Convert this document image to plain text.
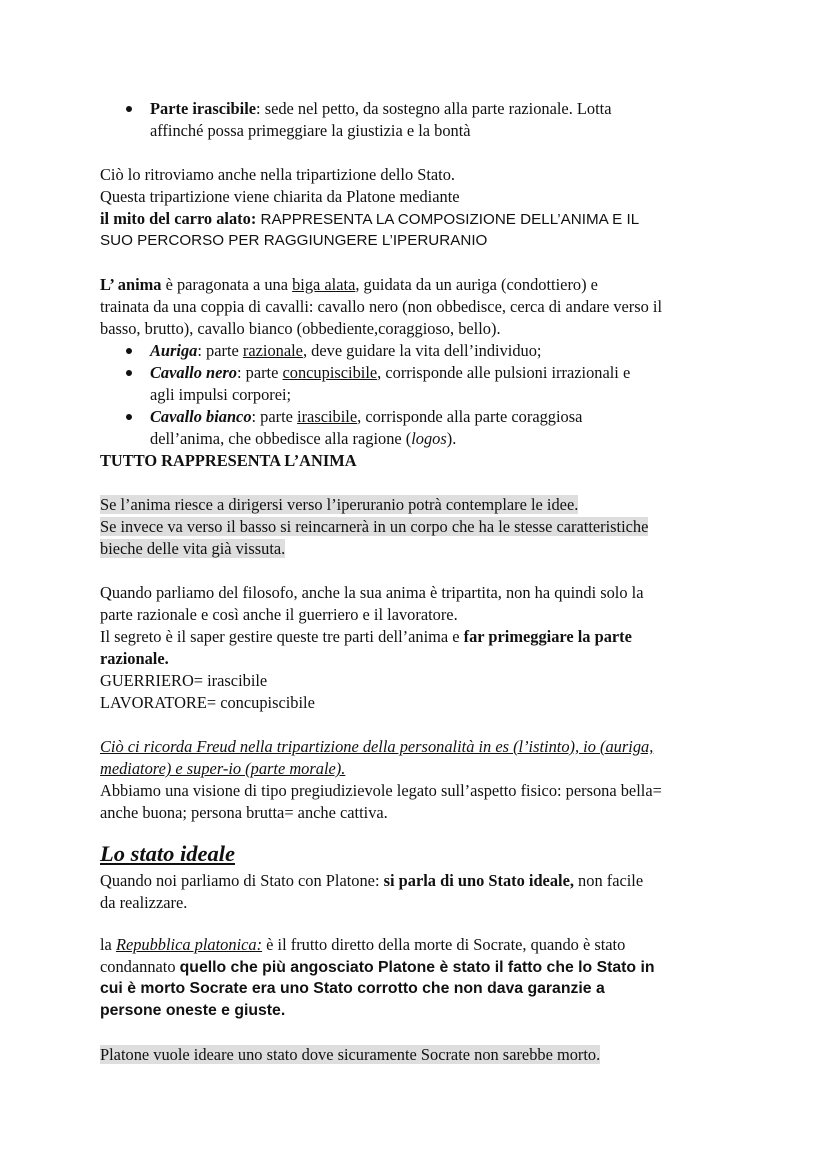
Parte irascibile: sede nel petto, da sostegno alla parte razionale. Lotta
affinché possa primeggiare la giustizia e la bontà
Ciò lo ritroviamo anche nella tripartizione dello Stato.
Questa tripartizione viene chiarita da Platone mediante
il mito del carro alato: RAPPRESENTA LA COMPOSIZIONE DELL’ANIMA E IL
SUO PERCORSO PER RAGGIUNGERE L’IPERURANIO
L’ anima è paragonata a una biga alata, guidata da un auriga (condottiero) e
trainata da una coppia di cavalli: cavallo nero (non obbedisce, cerca di andare verso il
basso, brutto), cavallo bianco (obbediente,coraggioso, bello).
Auriga: parte razionale, deve guidare la vita dell’individuo;
Cavallo nero: parte concupiscibile, corrisponde alle pulsioni irrazionali e
agli impulsi corporei;
Cavallo bianco: parte irascibile, corrisponde alla parte coraggiosa
dell’anima, che obbedisce alla ragione (logos).
TUTTO RAPPRESENTA L’ANIMA
Se l’anima riesce a dirigersi verso l’iperuranio potrà contemplare le idee.
Se invece va verso il basso si reincarnerà in un corpo che ha le stesse caratteristiche
bieche delle vita già vissuta.
Quando parliamo del filosofo, anche la sua anima è tripartita, non ha quindi solo la
parte razionale e così anche il guerriero e il lavoratore.
Il segreto è il saper gestire queste tre parti dell’anima e far primeggiare la parte
razionale.
GUERRIERO= irascibile
LAVORATORE= concupiscibile
Ciò ci ricorda Freud nella tripartizione della personalità in es (l’istinto), io (auriga,
mediatore) e super-io (parte morale).
Abbiamo una visione di tipo pregiudizievole legato sull’aspetto fisico: persona bella=
anche buona; persona brutta= anche cattiva.
Lo stato ideale
Quando noi parliamo di Stato con Platone: si parla di uno Stato ideale, non facile
da realizzare.
la Repubblica platonica: è il frutto diretto della morte di Socrate, quando è stato
condannato quello che più angosciato Platone è stato il fatto che lo Stato in
cui è morto Socrate era uno Stato corrotto che non dava garanzie a
persone oneste e giuste.
Platone vuole ideare uno stato dove sicuramente Socrate non sarebbe morto.
